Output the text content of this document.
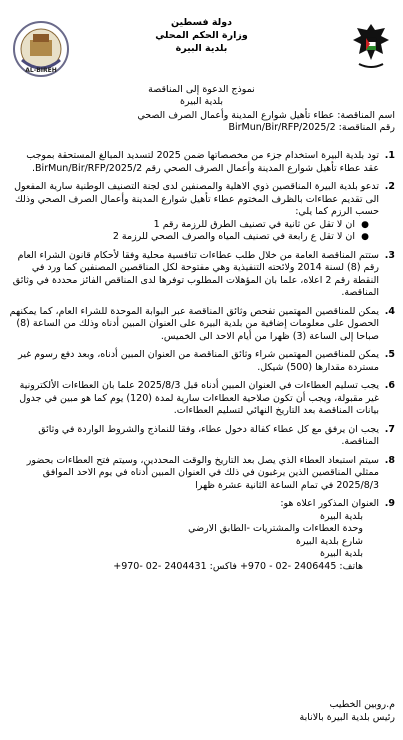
AL-BIREH
دولة فسطين
وزارة الحكم المحلي
بلدية البيرة
نموذج الدعوة إلى المناقصة
بلدية البيرة
اسم المناقصة: عطاء تأهيل شوارع المدينة وأعمال الصرف الصحي
رقم المناقصة: BirMun/Bir/RFP/2025/2
1.
تود بلدية البيرة استخدام جزء من مخصصاتها ضمن 2025 لتسديد المبالغ المستحقة بموجب عقد عطاء تأهيل شوارع المدينة وأعمال الصرف الصحي رقم BirMun/Bir/RFP/2025/2.
2.
تدعو بلدية البيرة المناقصين ذوي الاهلية والمصنفين لدى لجنة التصنيف الوطنية سارية المفعول الى تقديم عطاءات بالظرف المختوم عطاء تأهيل شوارع المدينة وأعمال الصرف الصحي وذلك حسب الرزم كما يلي:
●
ان لا تقل عن ثانية في تصنيف الطرق للرزمة رقم 1
●
ان لا تقل ع رابعة في تصنيف المياه والصرف الصحي للرزمة 2
3.
ستتم المناقصة العامة من خلال طلب عطاءات تنافسية محلية وفقا لأحكام قانون الشراء العام رقم (8) لسنة 2014 ولائحته التنفيذية وهي مفتوحة لكل المناقصين المصنفين كما ورد في النقطة رقم 2 اعلاه، علما بان المؤهلات المطلوب توفرها لدى المناقص الفائز محددة في وثائق المناقصة.
4.
يمكن للمناقصين المهتمين تفحص وثائق المناقصة عبر البوابة الموحدة للشراء العام، كما يمكنهم الحصول على معلومات إضافية من بلدية البيرة على العنوان المبين أدناه وذلك من الساعة (8) صباحا إلى الساعة (3) ظهرا من أيام الاحد الى الخميس.
5.
يمكن للمناقصين المهتمين شراء وثائق المناقصة من العنوان المبين أدناه، وبعد دفع رسوم غير مستردة مقدارها (500) شيكل.
6.
يجب تسليم العطاءات في العنوان المبين أدناه قبل 2025/8/3 علما بان العطاءات الألكترونية غير مقبولة، ويجب أن تكون صلاحية العطاءات سارية لمدة (120) يوم كما هو مبين في جدول بيانات المناقصة بعد التاريخ النهائي لتسليم العطاءات.
7.
يجب ان يرفق مع كل عطاء كفالة دخول عطاء، وفقا للنماذج والشروط الواردة في وثائق المناقصة.
8.
سيتم استبعاد العطاء الذي يصل بعد التاريخ والوقت المحددين، وسيتم فتح العطاءات بحضور ممثلي المناقصين الذين يرغبون في ذلك في العنوان المبين أدناه في يوم الاحد الموافق 2025/8/3 في تمام الساعة الثانية عشرة ظهرا
9.
العنوان المذكور اعلاه هو:
بلدية البيرة
وحدة العطاءات والمشتريات -الطابق الارضي
شارع بلدية البيرة
بلدية البيرة
هاتف: 2406445 -02 - 970+ فاكس: 2404431 -02 -970+
م.روبين الخطيب
رئيس بلدية البيرة بالانابة
